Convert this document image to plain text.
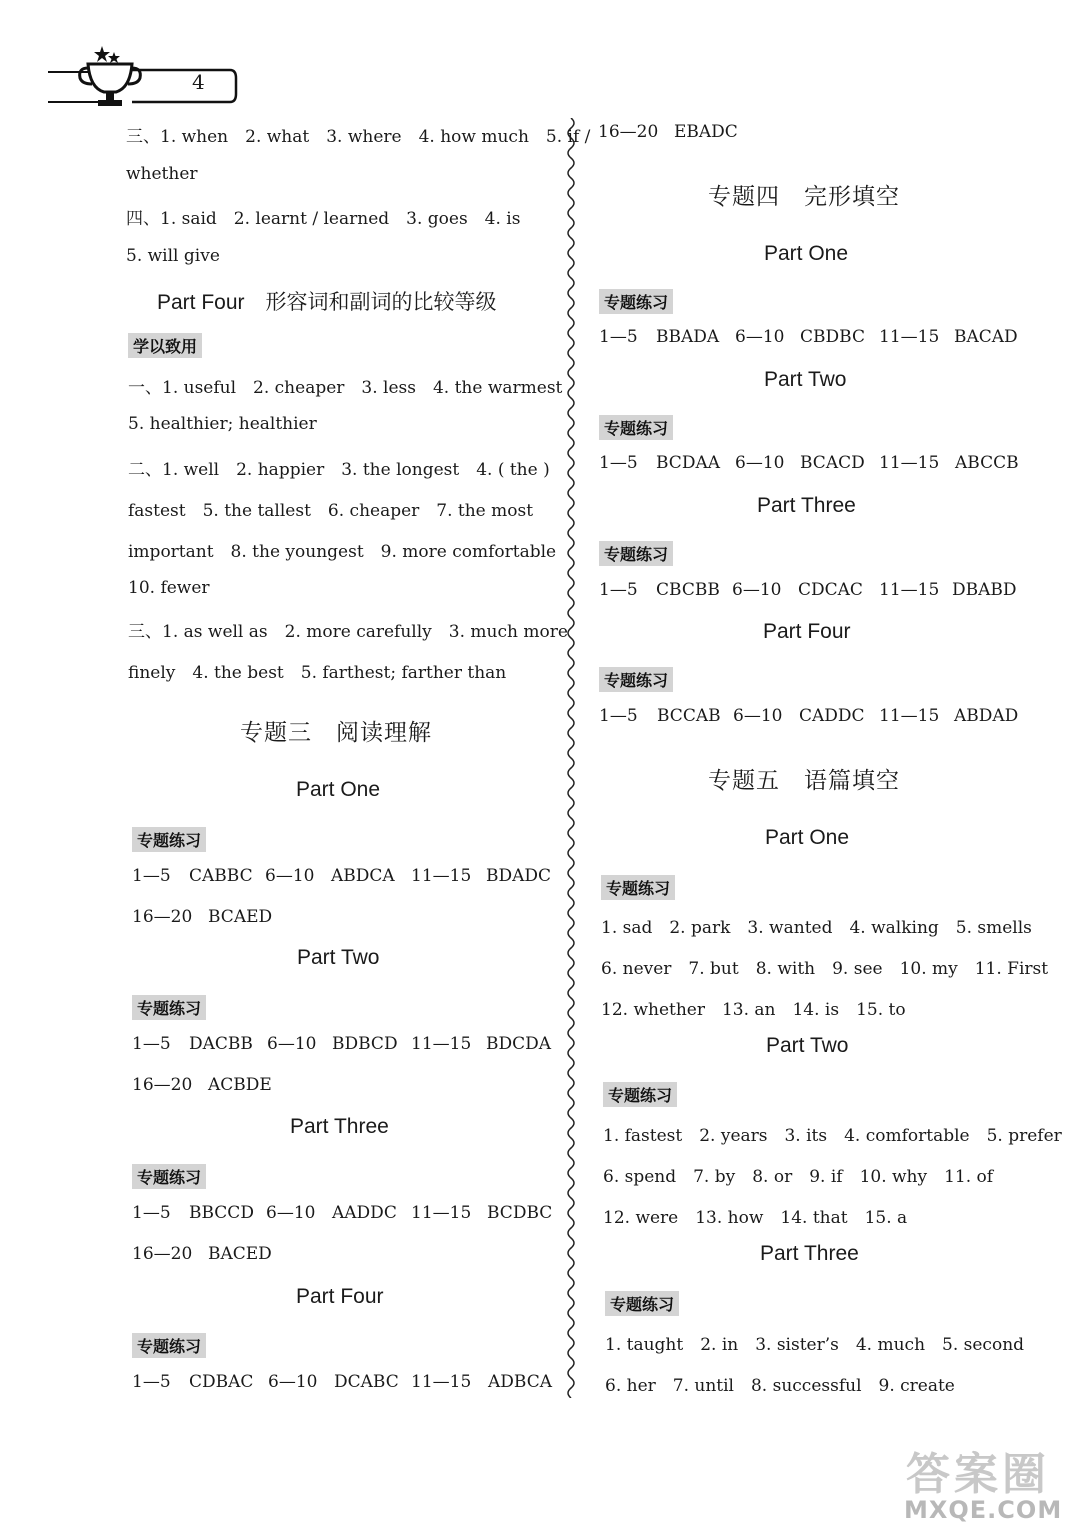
4
三、1. when　2. what　3. where　4. how much　5. if /
whether
四、1. said　2. learnt / learned　3. goes　4. is
5. will give
Part Four　形容词和副词的比较等级
学以致用
一、1. useful　2. cheaper　3. less　4. the warmest
5. healthier; healthier
二、1. well　2. happier　3. the longest　4. ( the )
fastest　5. the tallest　6. cheaper　7. the most
important　8. the youngest　9. more comfortable
10. fewer
三、1. as well as　2. more carefully　3. much more
finely　4. the best　5. farthest; farther than
专题三　阅读理解
Part One
专题练习
1—5 CABBC 6—10 ABDCA 11—15 BDADC
16—20 BCAED
Part Two
专题练习
1—5 DACBB 6—10 BDBCD 11—15 BDCDA
16—20 ACBDE
Part Three
专题练习
1—5 BBCCD 6—10 AADDC 11—15 BCDBC
16—20 BACED
Part Four
专题练习
1—5 CDBAC 6—10 DCABC 11—15 ADBCA
16—20 EBADC
专题四　完形填空
Part One
专题练习
1—5 BBADA 6—10 CBDBC 11—15 BACAD
Part Two
专题练习
1—5 BCDAA 6—10 BCACD 11—15 ABCCB
Part Three
专题练习
1—5 CBCBB 6—10 CDCAC 11—15 DBABD
Part Four
专题练习
1—5 BCCAB 6—10 CADDC 11—15 ABDAD
专题五　语篇填空
Part One
专题练习
1. sad　2. park　3. wanted　4. walking　5. smells
6. never　7. but　8. with　9. see　10. my　11. First
12. whether　13. an　14. is　15. to
Part Two
专题练习
1. fastest　2. years　3. its　4. comfortable　5. prefer
6. spend　7. by　8. or　9. if　10. why　11. of
12. were　13. how　14. that　15. a
Part Three
专题练习
1. taught　2. in　3. sister’s　4. much　5. second
6. her　7. until　8. successful　9. create
答案圈
MXQE.COM
